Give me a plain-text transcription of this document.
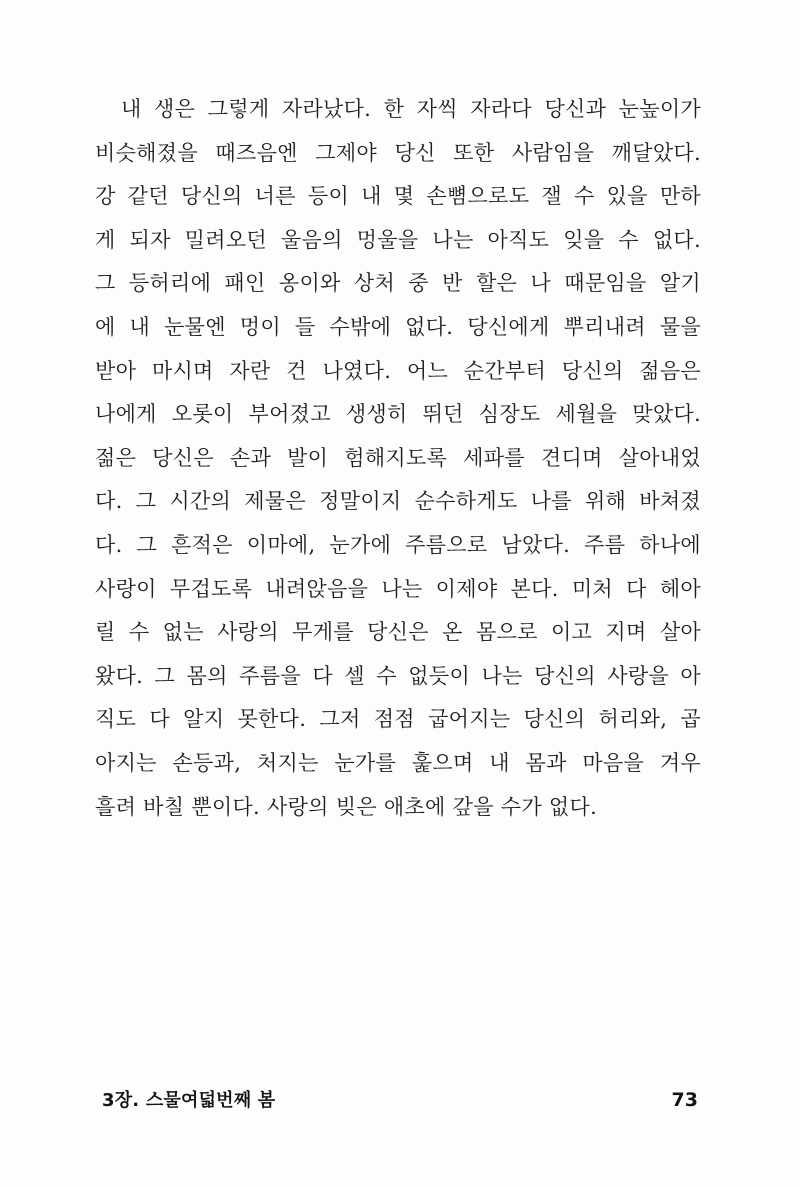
내 생은 그렇게 자라났다. 한 자씩 자라다 당신과 눈높이가
비슷해졌을 때즈음엔 그제야 당신 또한 사람임을 깨달았다.
강 같던 당신의 너른 등이 내 몇 손뼘으로도 잴 수 있을 만하
게 되자 밀려오던 울음의 멍울을 나는 아직도 잊을 수 없다.
그 등허리에 패인 옹이와 상처 중 반 할은 나 때문임을 알기
에 내 눈물엔 멍이 들 수밖에 없다. 당신에게 뿌리내려 물을
받아 마시며 자란 건 나였다. 어느 순간부터 당신의 젊음은
나에게 오롯이 부어졌고 생생히 뛰던 심장도 세월을 맞았다.
젊은 당신은 손과 발이 험해지도록 세파를 견디며 살아내었
다. 그 시간의 제물은 정말이지 순수하게도 나를 위해 바쳐졌
다. 그 흔적은 이마에, 눈가에 주름으로 남았다. 주름 하나에
사랑이 무겁도록 내려앉음을 나는 이제야 본다. 미처 다 헤아
릴 수 없는 사랑의 무게를 당신은 온 몸으로 이고 지며 살아
왔다. 그 몸의 주름을 다 셀 수 없듯이 나는 당신의 사랑을 아
직도 다 알지 못한다. 그저 점점 굽어지는 당신의 허리와, 곱
아지는 손등과, 처지는 눈가를 훑으며 내 몸과 마음을 겨우
흘려 바칠 뿐이다. 사랑의 빚은 애초에 갚을 수가 없다.
3장. 스물여덟번째 봄	73
